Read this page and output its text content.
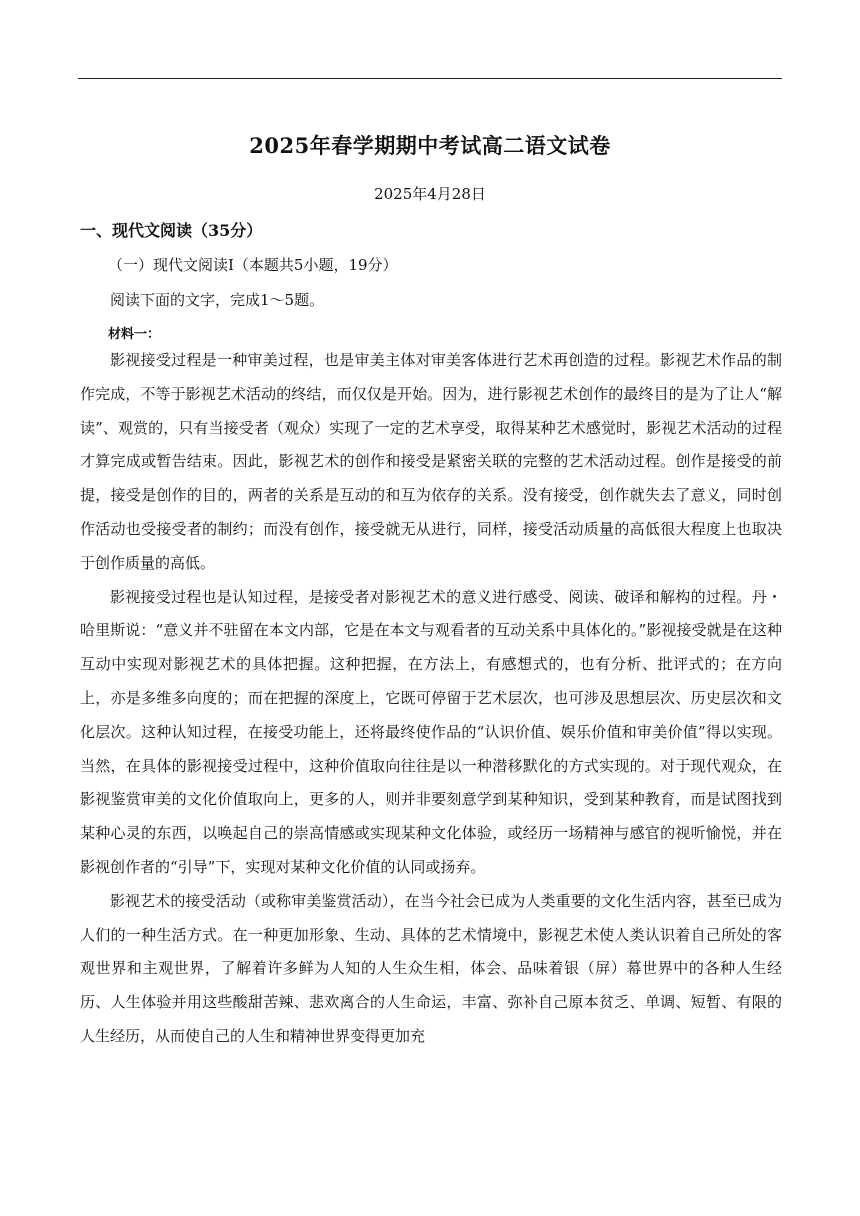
2025年春学期期中考试高二语文试卷
2025年4月28日
一、现代文阅读（35分）
（一）现代文阅读Ⅰ（本题共5小题，19分）
阅读下面的文字，完成1～5题。
材料一：

影视接受过程是一种审美过程，也是审美主体对审美客体进行艺术再创造的过程。影视艺术作品的制作完成，不等于影视艺术活动的终结，而仅仅是开始。因为，进行影视艺术创作的最终目的是为了让人“解读”、观赏的，只有当接受者（观众）实现了一定的艺术享受，取得某种艺术感觉时，影视艺术活动的过程才算完成或暂告结束。因此，影视艺术的创作和接受是紧密关联的完整的艺术活动过程。创作是接受的前提，接受是创作的目的，两者的关系是互动的和互为依存的关系。没有接受，创作就失去了意义，同时创作活动也受接受者的制约；而没有创作，接受就无从进行，同样，接受活动质量的高低很大程度上也取决于创作质量的高低。

影视接受过程也是认知过程，是接受者对影视艺术的意义进行感受、阅读、破译和解构的过程。丹・哈里斯说：“意义并不驻留在本文内部，它是在本文与观看者的互动关系中具体化的。”影视接受就是在这种互动中实现对影视艺术的具体把握。这种把握，在方法上，有感想式的，也有分析、批评式的；在方向上，亦是多维多向度的；而在把握的深度上，它既可停留于艺术层次，也可涉及思想层次、历史层次和文化层次。这种认知过程，在接受功能上，还将最终使作品的“认识价值、娱乐价值和审美价值”得以实现。当然，在具体的影视接受过程中，这种价值取向往往是以一种潜移默化的方式实现的。对于现代观众，在影视鉴赏审美的文化价值取向上，更多的人，则并非要刻意学到某种知识，受到某种教育，而是试图找到某种心灵的东西，以唤起自己的崇高情感或实现某种文化体验，或经历一场精神与感官的视听愉悦，并在影视创作者的“引导”下，实现对某种文化价值的认同或扬弃。

影视艺术的接受活动（或称审美鉴赏活动），在当今社会已成为人类重要的文化生活内容，甚至已成为人们的一种生活方式。在一种更加形象、生动、具体的艺术情境中，影视艺术使人类认识着自己所处的客观世界和主观世界，了解着许多鲜为人知的人生众生相，体会、品味着银（屏）幕世界中的各种人生经历、人生体验并用这些酸甜苦辣、悲欢离合的人生命运，丰富、弥补自己原本贫乏、单调、短暂、有限的人生经历，从而使自己的人生和精神世界变得更加充
